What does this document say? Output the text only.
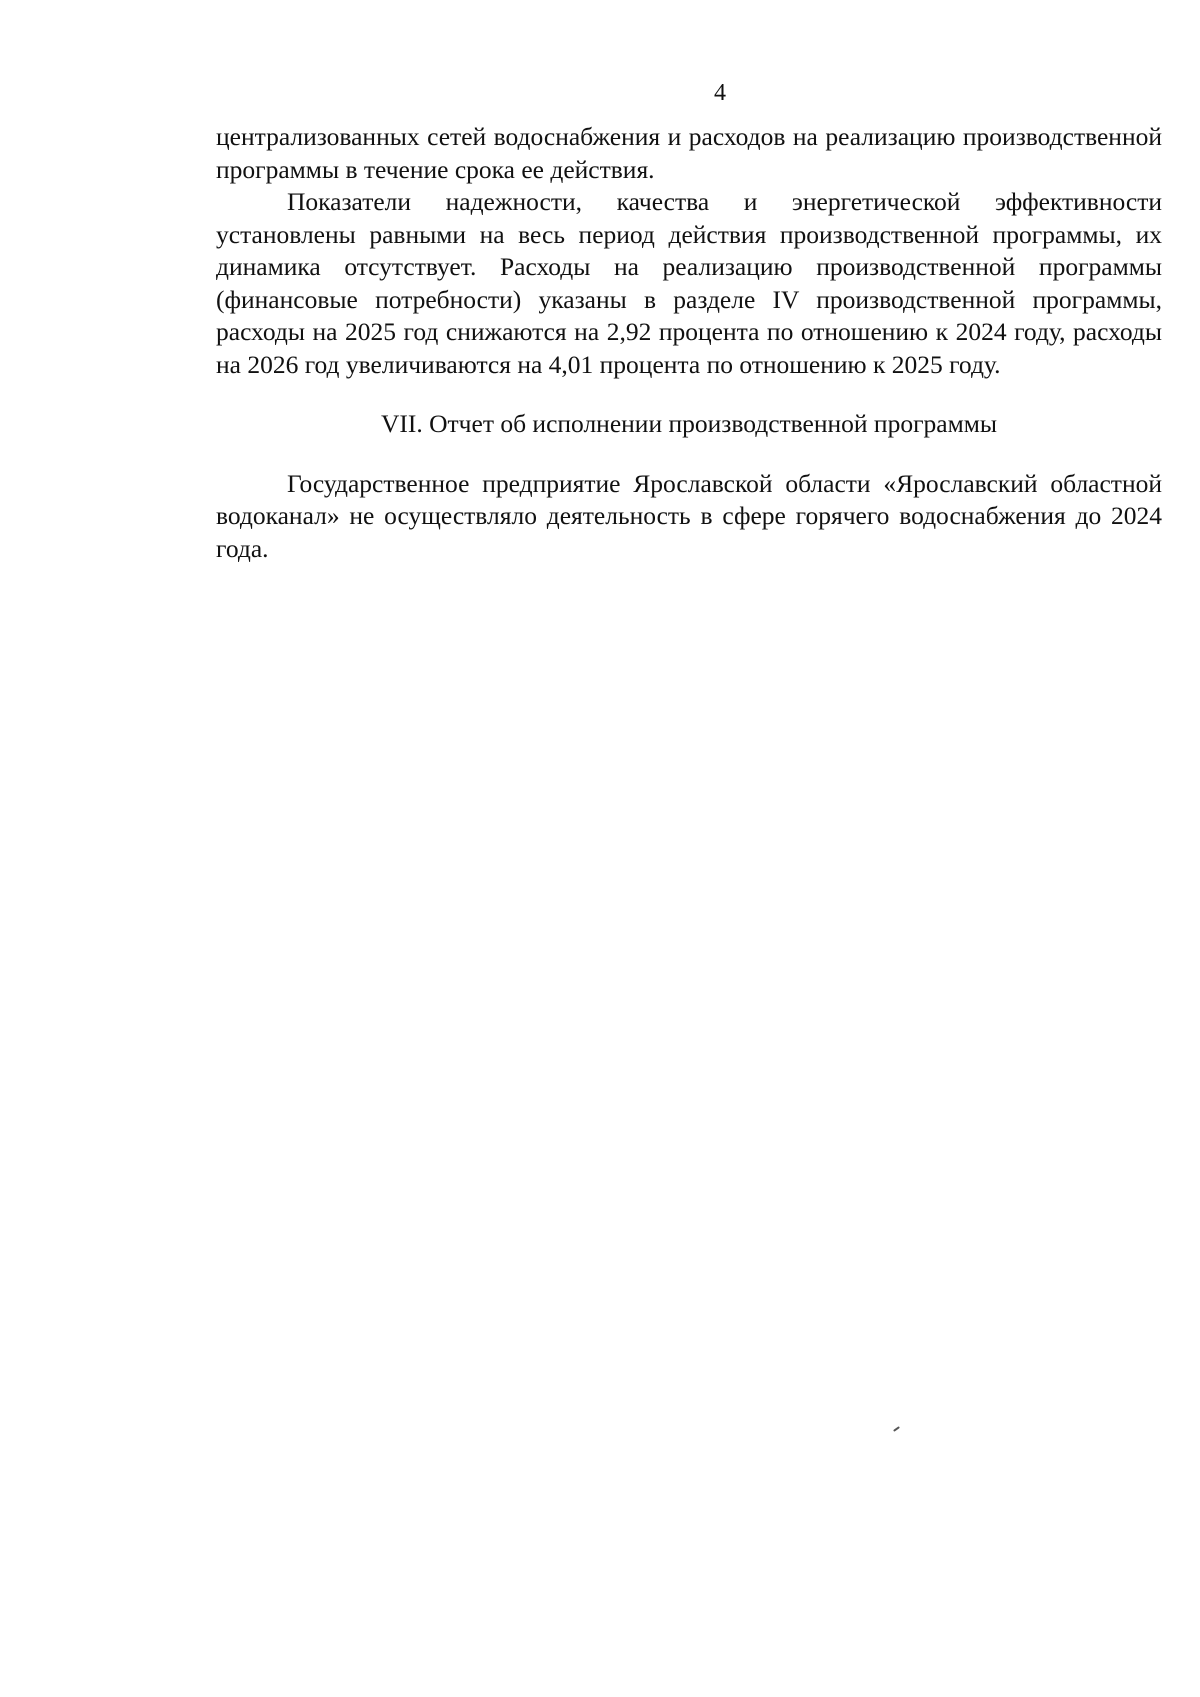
4

централизованных сетей водоснабжения и расходов на реализацию производственной программы в течение срока ее действия.

Показатели надежности, качества и энергетической эффективности установлены равными на весь период действия производственной программы, их динамика отсутствует. Расходы на реализацию производственной программы (финансовые потребности) указаны в разделе IV производственной программы, расходы на 2025 год снижаются на 2,92 процента по отношению к 2024 году, расходы на 2026 год увеличиваются на 4,01 процента по отношению к 2025 году.

VII. Отчет об исполнении производственной программы

Государственное предприятие Ярославской области «Ярославский областной водоканал» не осуществляло деятельность в сфере горячего водоснабжения до 2024 года.
